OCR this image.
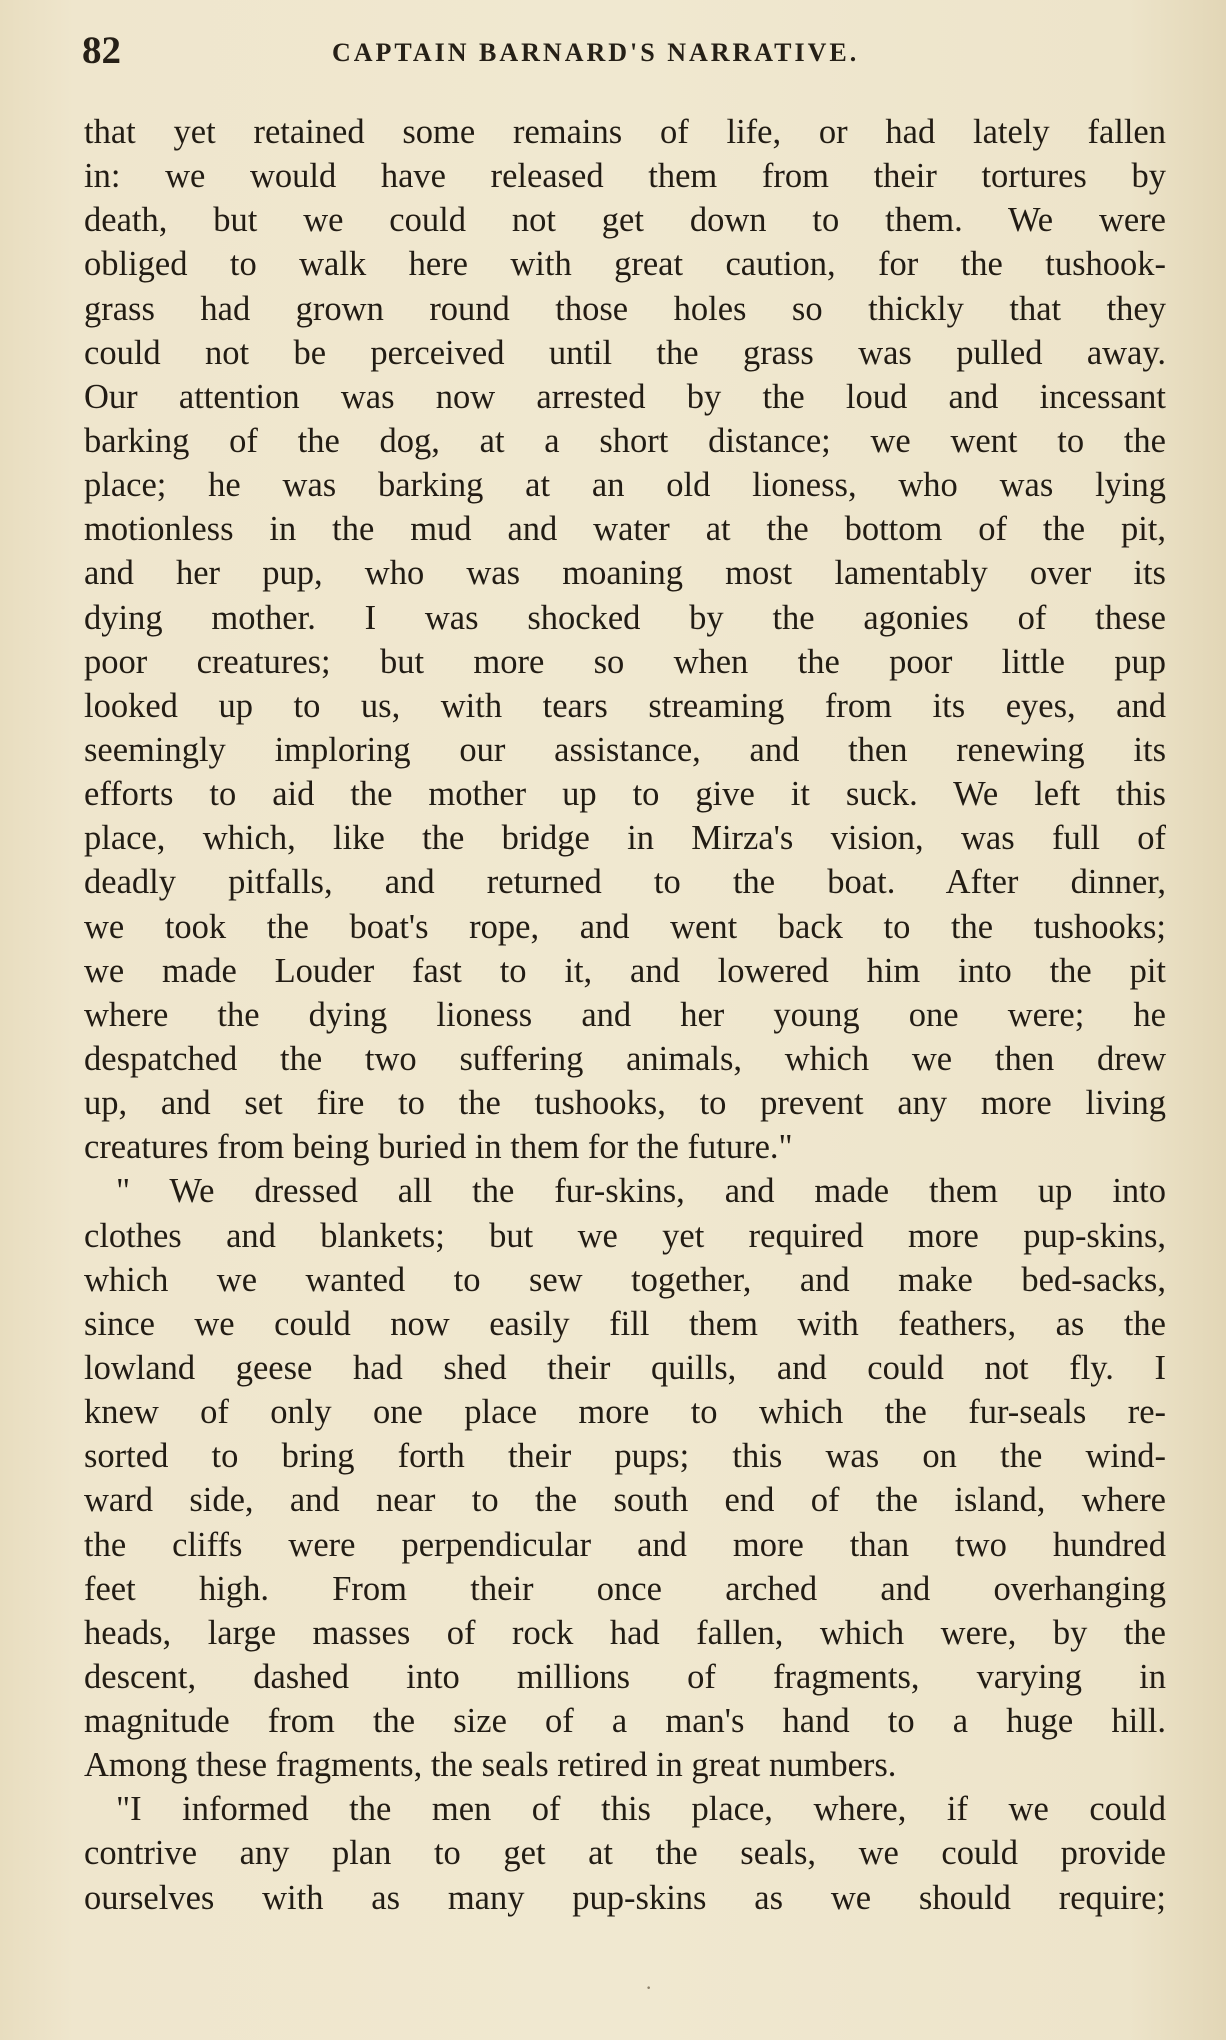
82	CAPTAIN BARNARD'S NARRATIVE.
that yet retained some remains of life, or had lately fallen
in: we would have released them from their tortures by
death, but we could not get down to them. We were
obliged to walk here with great caution, for the tushook-
grass had grown round those holes so thickly that they
could not be perceived until the grass was pulled away.
Our attention was now arrested by the loud and incessant
barking of the dog, at a short distance; we went to the
place; he was barking at an old lioness, who was lying
motionless in the mud and water at the bottom of the pit,
and her pup, who was moaning most lamentably over its
dying mother. I was shocked by the agonies of these
poor creatures; but more so when the poor little pup
looked up to us, with tears streaming from its eyes, and
seemingly imploring our assistance, and then renewing its
efforts to aid the mother up to give it suck. We left this
place, which, like the bridge in Mirza's vision, was full of
deadly pitfalls, and returned to the boat. After dinner,
we took the boat's rope, and went back to the tushooks;
we made Louder fast to it, and lowered him into the pit
where the dying lioness and her young one were; he
despatched the two suffering animals, which we then drew
up, and set fire to the tushooks, to prevent any more living
creatures from being buried in them for the future."
" We dressed all the fur-skins, and made them up into
clothes and blankets; but we yet required more pup-skins,
which we wanted to sew together, and make bed-sacks,
since we could now easily fill them with feathers, as the
lowland geese had shed their quills, and could not fly. I
knew of only one place more to which the fur-seals re-
sorted to bring forth their pups; this was on the wind-
ward side, and near to the south end of the island, where
the cliffs were perpendicular and more than two hundred
feet high. From their once arched and overhanging
heads, large masses of rock had fallen, which were, by the
descent, dashed into millions of fragments, varying in
magnitude from the size of a man's hand to a huge hill.
Among these fragments, the seals retired in great numbers.
"I informed the men of this place, where, if we could
contrive any plan to get at the seals, we could provide
ourselves with as many pup-skins as we should require;
·
